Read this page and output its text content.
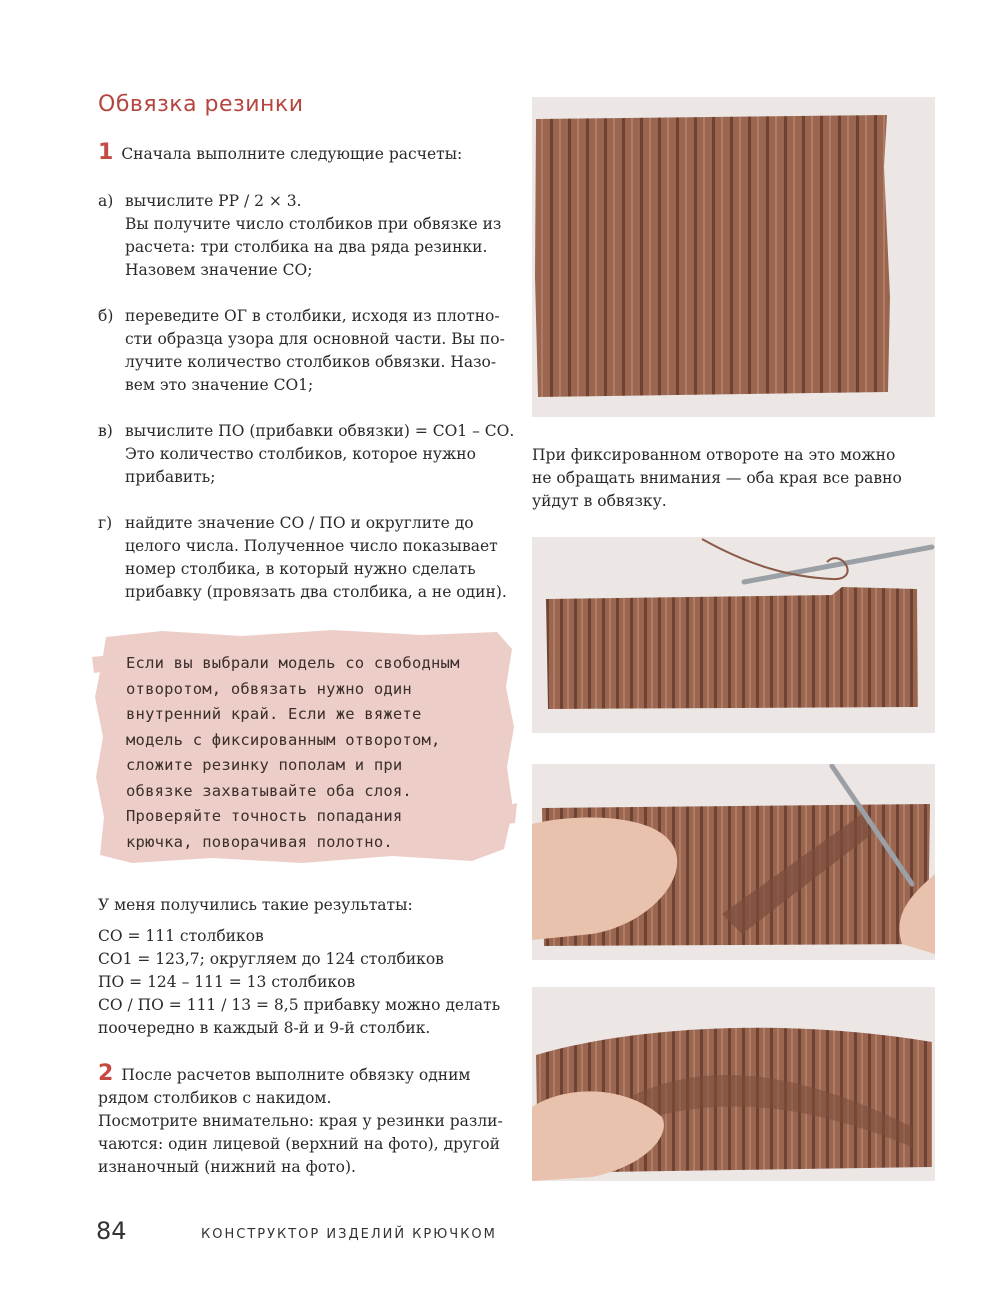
Обвязка резинки
1 Сначала выполните следующие расчеты:
а) вычислите РР / 2 × 3.
Вы получите число столбиков при обвязке из
расчета: три столбика на два ряда резинки.
Назовем значение СО;
б) переведите ОГ в столбики, исходя из плотно-
сти образца узора для основной части. Вы по-
лучите количество столбиков обвязки. Назо-
вем это значение СО1;
в) вычислите ПО (прибавки обвязки) = СО1 – СО.
Это количество столбиков, которое нужно
прибавить;
г) найдите значение СО / ПО и округлите до
целого числа. Полученное число показывает
номер столбика, в который нужно сделать
прибавку (провязать два столбика, а не один).
Если вы выбрали модель со свободным
отворотом, обвязать нужно один
внутренний край. Если же вяжете
модель с фиксированным отворотом,
сложите резинку пополам и при
обвязке захватывайте оба слоя.
Проверяйте точность попадания
крючка, поворачивая полотно.
У меня получились такие результаты:
СО = 111 столбиков
СО1 = 123,7; округляем до 124 столбиков
ПО = 124 – 111 = 13 столбиков
СО / ПО = 111 / 13 = 8,5 прибавку можно делать
поочередно в каждый 8-й и 9-й столбик.
2 После расчетов выполните обвязку одним
рядом столбиков с накидом.
Посмотрите внимательно: края у резинки разли-
чаются: один лицевой (верхний на фото), другой
изнаночный (нижний на фото).
При фиксированном отвороте на это можно
не обращать внимания — оба края все равно
уйдут в обвязку.
84	КОНСТРУКТОР ИЗДЕЛИЙ КРЮЧКОМ
